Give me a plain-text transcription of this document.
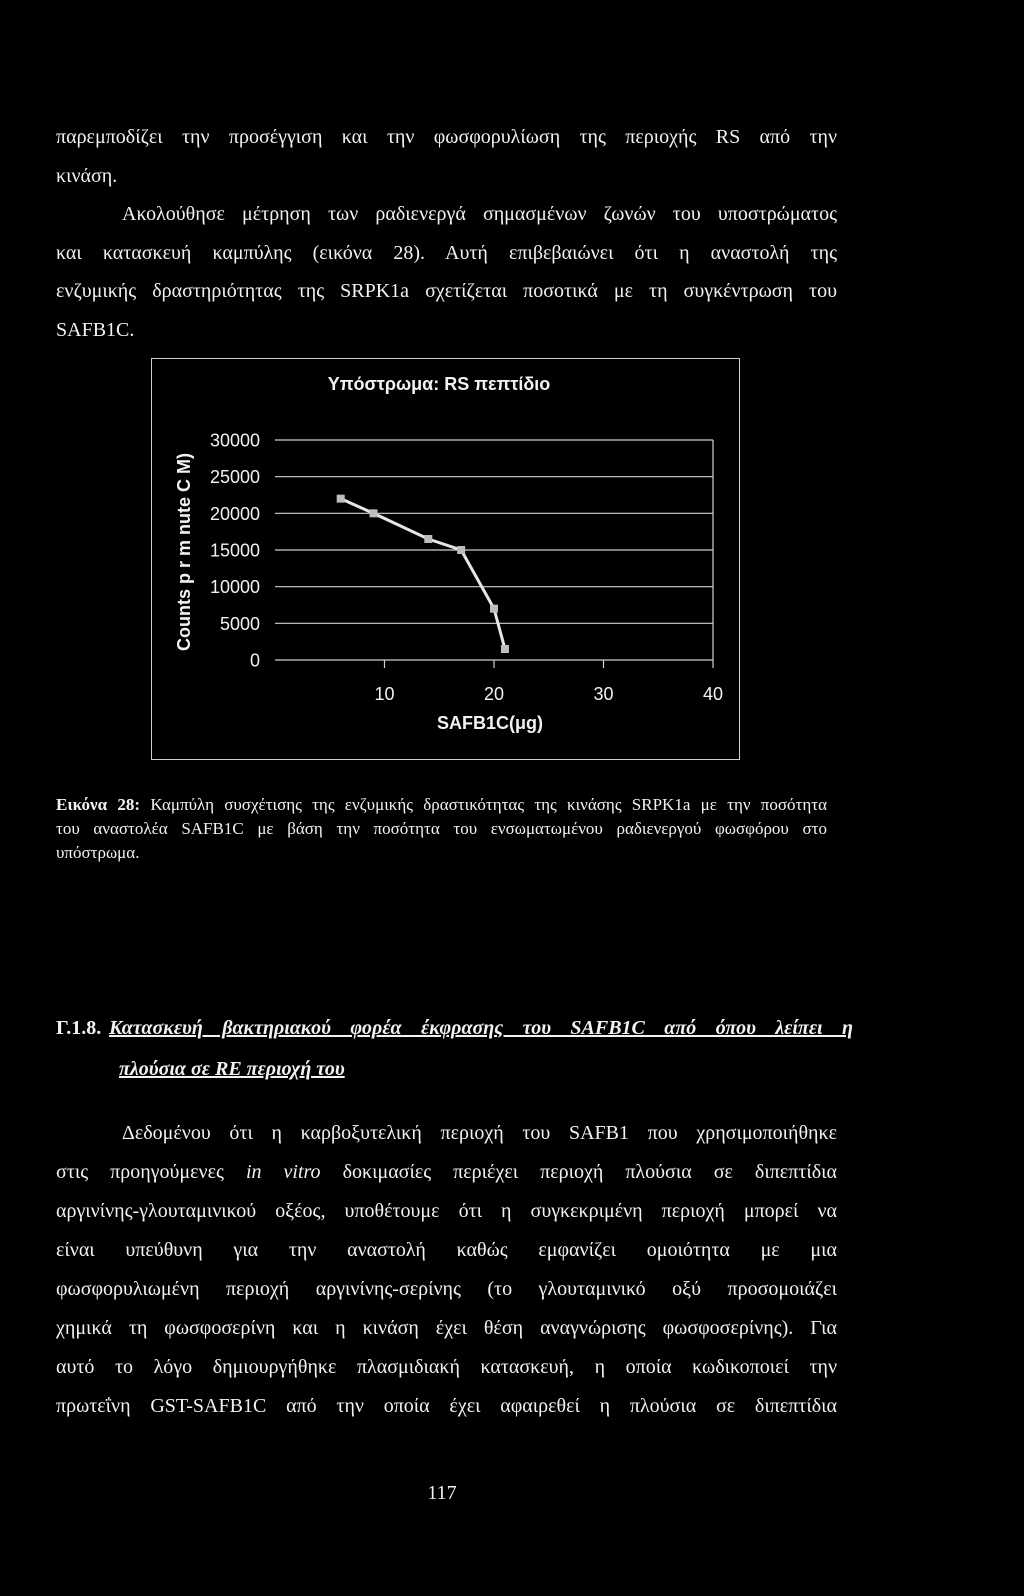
παρεμποδίζει την προσέγγιση και την φωσφορυλίωση της περιοχής RS από την
κινάση.
Ακολούθησε μέτρηση των ραδιενεργά σημασμένων ζωνών του υποστρώματος
και κατασκευή καμπύλης (εικόνα 28). Αυτή επιβεβαιώνει ότι η αναστολή της
ενζυμικής δραστηριότητας της SRPK1a σχετίζεται ποσοτικά με τη συγκέντρωση του
SAFB1C.
Υπόστρωμα: RS πεπτίδιο
Counts p r m nute C M)
SAFB1C(μg)
30000
25000
20000
15000
10000
5000
0
10	20	30	40
Εικόνα 28: Καμπύλη συσχέτισης της ενζυμικής δραστικότητας της κινάσης SRPK1a με την ποσότητα
του αναστολέα SAFB1C με βάση την ποσότητα του ενσωματωμένου ραδιενεργού φωσφόρου στο
υπόστρωμα.
Γ.1.8. Κατασκευή βακτηριακού φορέα έκφρασης του SAFB1C από όπου λείπει η
πλούσια σε RE περιοχή του
Δεδομένου ότι η καρβοξυτελική περιοχή του SAFB1 που χρησιμοποιήθηκε
στις προηγούμενες in vitro δοκιμασίες περιέχει περιοχή πλούσια σε διπεπτίδια
αργινίνης-γλουταμινικού οξέος, υποθέτουμε ότι η συγκεκριμένη περιοχή μπορεί να
είναι υπεύθυνη για την αναστολή καθώς εμφανίζει ομοιότητα με μια
φωσφορυλιωμένη περιοχή αργινίνης-σερίνης (το γλουταμινικό οξύ προσομοιάζει
χημικά τη φωσφοσερίνη και η κινάση έχει θέση αναγνώρισης φωσφοσερίνης). Για
αυτό το λόγο δημιουργήθηκε πλασμιδιακή κατασκευή, η οποία κωδικοποιεί την
πρωτεΐνη GST-SAFB1C από την οποία έχει αφαιρεθεί η πλούσια σε διπεπτίδια
117
